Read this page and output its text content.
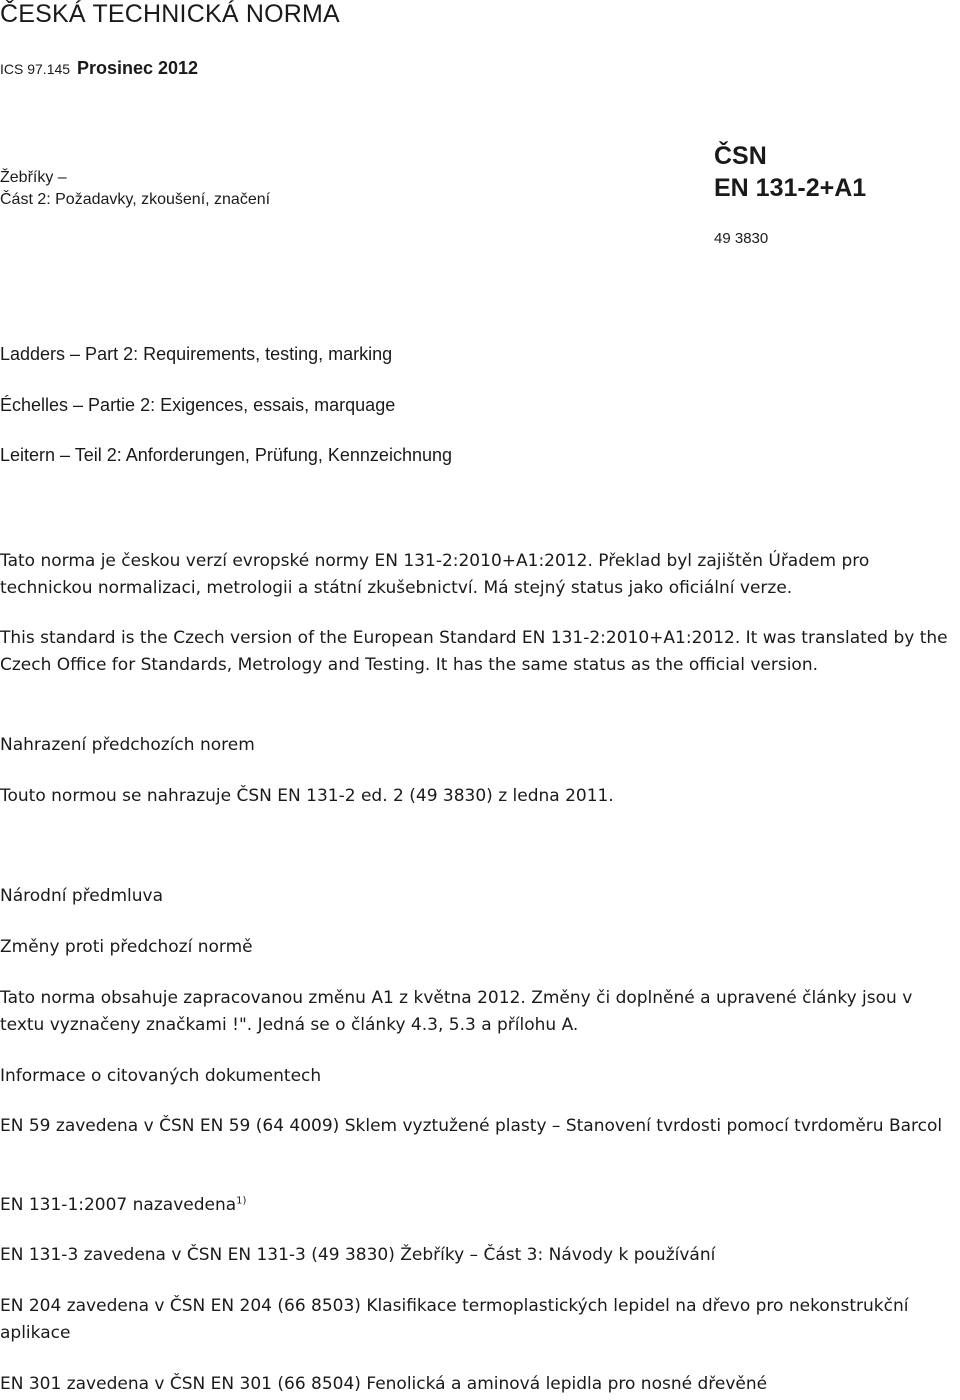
ČESKÁ TECHNICKÁ NORMA
ICS 97.145 Prosinec 2012
Žebříky –
Část 2: Požadavky, zkoušení, značení
ČSN
EN 131-2+A1
49 3830
Ladders – Part 2: Requirements, testing, marking
Échelles – Partie 2: Exigences, essais, marquage
Leitern – Teil 2: Anforderungen, Prüfung, Kennzeichnung

Tato norma je českou verzí evropské normy EN 131-2:2010+A1:2012. Překlad byl zajištěn Úřadem pro technickou normalizaci, metrologii a státní zkušebnictví. Má stejný status jako oficiální verze.

This standard is the Czech version of the European Standard EN 131-2:2010+A1:2012. It was translated by the Czech Office for Standards, Metrology and Testing. It has the same status as the official version.

Nahrazení předchozích norem

Touto normou se nahrazuje ČSN EN 131-2 ed. 2 (49 3830) z ledna 2011.

Národní předmluva

Změny proti předchozí normě

Tato norma obsahuje zapracovanou změnu A1 z května 2012. Změny či doplněné a upravené články jsou v textu vyznačeny značkami !". Jedná se o články 4.3, 5.3 a přílohu A.

Informace o citovaných dokumentech

EN 59 zavedena v ČSN EN 59 (64 4009) Sklem vyztužené plasty – Stanovení tvrdosti pomocí tvrdoměru Barcol

EN 131-1:2007 nazavedena$^{1)}$

EN 131-3 zavedena v ČSN EN 131-3 (49 3830) Žebříky – Část 3: Návody k používání

EN 204 zavedena v ČSN EN 204 (66 8503) Klasifikace termoplastických lepidel na dřevo pro nekonstrukční aplikace

EN 301 zavedena v ČSN EN 301 (66 8504) Fenolická a aminová lepidla pro nosné dřevěné
